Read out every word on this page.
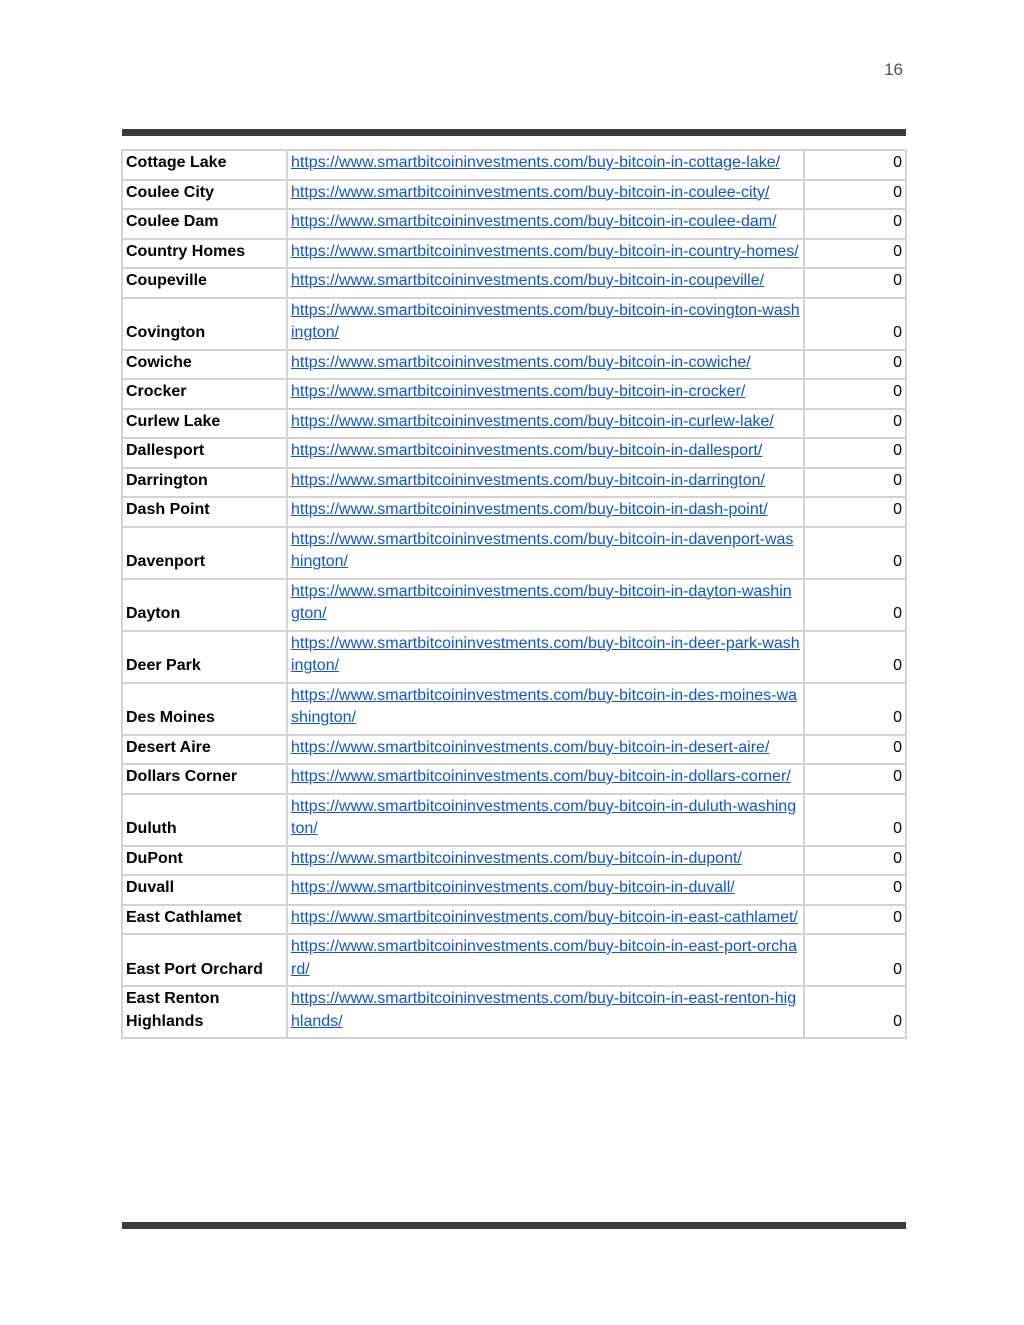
16
Cottage Lake	https://www.smartbitcoininvestments.com/buy-bitcoin-in-cottage-lake/	0
Coulee City	https://www.smartbitcoininvestments.com/buy-bitcoin-in-coulee-city/	0
Coulee Dam	https://www.smartbitcoininvestments.com/buy-bitcoin-in-coulee-dam/	0
Country Homes	https://www.smartbitcoininvestments.com/buy-bitcoin-in-country-homes/	0
Coupeville	https://www.smartbitcoininvestments.com/buy-bitcoin-in-coupeville/	0
Covington	https://www.smartbitcoininvestments.com/buy-bitcoin-in-covington-washington/	0
Cowiche	https://www.smartbitcoininvestments.com/buy-bitcoin-in-cowiche/	0
Crocker	https://www.smartbitcoininvestments.com/buy-bitcoin-in-crocker/	0
Curlew Lake	https://www.smartbitcoininvestments.com/buy-bitcoin-in-curlew-lake/	0
Dallesport	https://www.smartbitcoininvestments.com/buy-bitcoin-in-dallesport/	0
Darrington	https://www.smartbitcoininvestments.com/buy-bitcoin-in-darrington/	0
Dash Point	https://www.smartbitcoininvestments.com/buy-bitcoin-in-dash-point/	0
Davenport	https://www.smartbitcoininvestments.com/buy-bitcoin-in-davenport-washington/	0
Dayton	https://www.smartbitcoininvestments.com/buy-bitcoin-in-dayton-washington/	0
Deer Park	https://www.smartbitcoininvestments.com/buy-bitcoin-in-deer-park-washington/	0
Des Moines	https://www.smartbitcoininvestments.com/buy-bitcoin-in-des-moines-washington/	0
Desert Aire	https://www.smartbitcoininvestments.com/buy-bitcoin-in-desert-aire/	0
Dollars Corner	https://www.smartbitcoininvestments.com/buy-bitcoin-in-dollars-corner/	0
Duluth	https://www.smartbitcoininvestments.com/buy-bitcoin-in-duluth-washington/	0
DuPont	https://www.smartbitcoininvestments.com/buy-bitcoin-in-dupont/	0
Duvall	https://www.smartbitcoininvestments.com/buy-bitcoin-in-duvall/	0
East Cathlamet	https://www.smartbitcoininvestments.com/buy-bitcoin-in-east-cathlamet/	0
East Port Orchard	https://www.smartbitcoininvestments.com/buy-bitcoin-in-east-port-orchard/	0
East Renton Highlands	https://www.smartbitcoininvestments.com/buy-bitcoin-in-east-renton-highlands/	0
